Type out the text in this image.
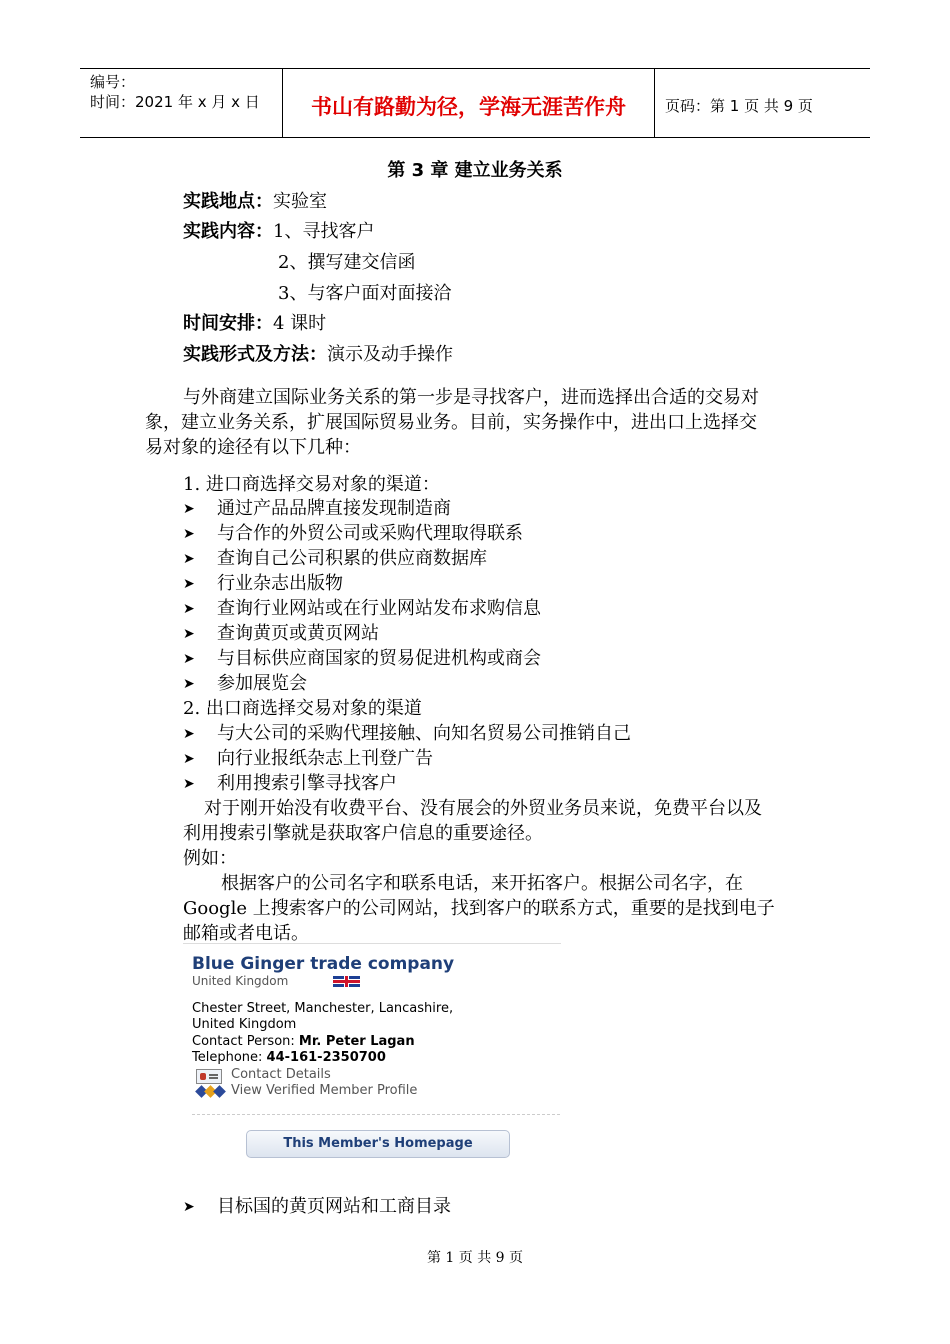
编号：
时间：2021 年 x 月 x 日	书山有路勤为径，学海无涯苦作舟	页码：第 1 页 共 9 页
第 3 章 建立业务关系
实践地点：实验室
实践内容：1、寻找客户
2、撰写建交信函
3、与客户面对面接洽
时间安排：4 课时
实践形式及方法：演示及动手操作
与外商建立国际业务关系的第一步是寻找客户，进而选择出合适的交易对
象，建立业务关系，扩展国际贸易业务。目前，实务操作中，进出口上选择交
易对象的途径有以下几种：
1. 进口商选择交易对象的渠道：
➤ 通过产品品牌直接发现制造商
➤ 与合作的外贸公司或采购代理取得联系
➤ 查询自己公司积累的供应商数据库
➤ 行业杂志出版物
➤ 查询行业网站或在行业网站发布求购信息
➤ 查询黄页或黄页网站
➤ 与目标供应商国家的贸易促进机构或商会
➤ 参加展览会
2. 出口商选择交易对象的渠道
➤ 与大公司的采购代理接触、向知名贸易公司推销自己
➤ 向行业报纸杂志上刊登广告
➤ 利用搜索引擎寻找客户
对于刚开始没有收费平台、没有展会的外贸业务员来说，免费平台以及
利用搜索引擎就是获取客户信息的重要途径。
例如：
根据客户的公司名字和联系电话，来开拓客户。根据公司名字，在
Google 上搜索客户的公司网站，找到客户的联系方式，重要的是找到电子
邮箱或者电话。
Blue Ginger trade company
United Kingdom
Chester Street, Manchester, Lancashire,
United Kingdom
Contact Person: Mr. Peter Lagan
Telephone: 44-161-2350700
Contact Details
View Verified Member Profile
This Member's Homepage
➤ 目标国的黄页网站和工商目录
第 1 页 共 9 页
